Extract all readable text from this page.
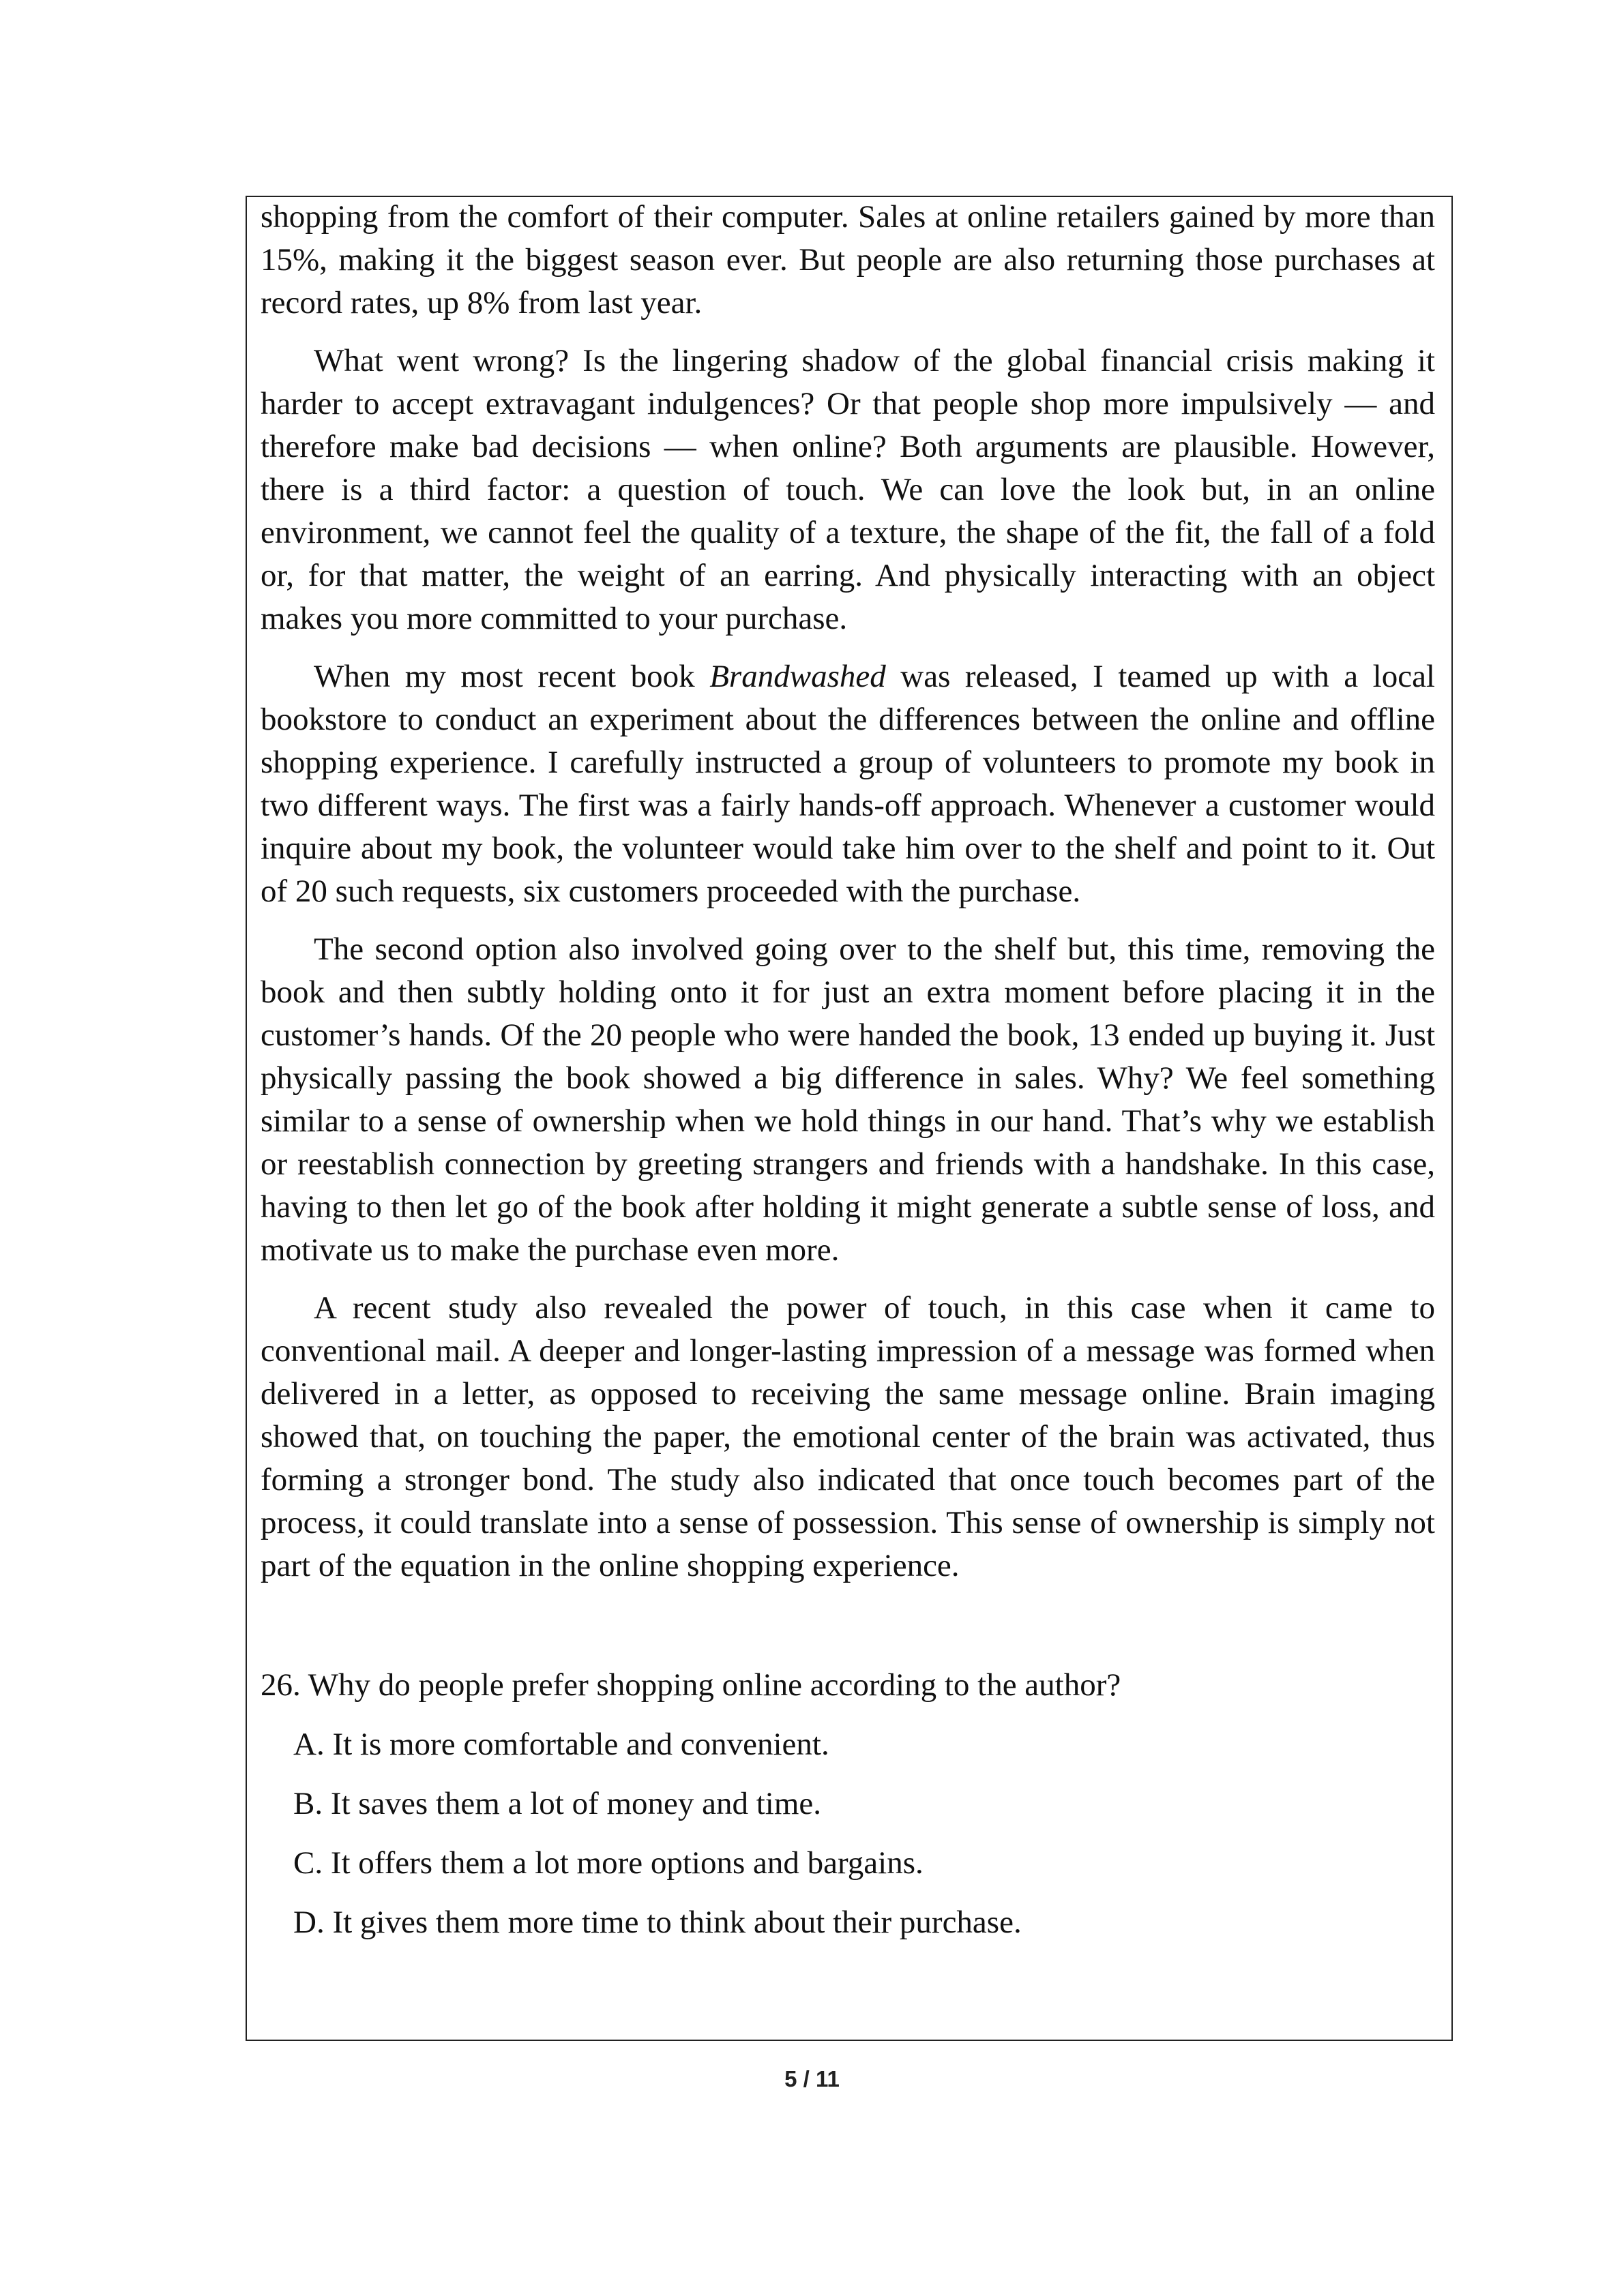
shopping from the comfort of their computer. Sales at online retailers gained by more than 15%, making it the biggest season ever. But people are also returning those purchases at record rates, up 8% from last year.

What went wrong? Is the lingering shadow of the global financial crisis making it harder to accept extravagant indulgences? Or that people shop more impulsively — and therefore make bad decisions — when online? Both arguments are plausible. However, there is a third factor: a question of touch. We can love the look but, in an online environment, we cannot feel the quality of a texture, the shape of the fit, the fall of a fold or, for that matter, the weight of an earring. And physically interacting with an object makes you more committed to your purchase.

When my most recent book Brandwashed was released, I teamed up with a local bookstore to conduct an experiment about the differences between the online and offline shopping experience. I carefully instructed a group of volunteers to promote my book in two different ways. The first was a fairly hands-off approach. Whenever a customer would inquire about my book, the volunteer would take him over to the shelf and point to it. Out of 20 such requests, six customers proceeded with the purchase.

The second option also involved going over to the shelf but, this time, removing the book and then subtly holding onto it for just an extra moment before placing it in the customer’s hands. Of the 20 people who were handed the book, 13 ended up buying it. Just physically passing the book showed a big difference in sales. Why? We feel something similar to a sense of ownership when we hold things in our hand. That’s why we establish or reestablish connection by greeting strangers and friends with a handshake. In this case, having to then let go of the book after holding it might generate a subtle sense of loss, and motivate us to make the purchase even more.

A recent study also revealed the power of touch, in this case when it came to conventional mail. A deeper and longer-lasting impression of a message was formed when delivered in a letter, as opposed to receiving the same message online. Brain imaging showed that, on touching the paper, the emotional center of the brain was activated, thus forming a stronger bond. The study also indicated that once touch becomes part of the process, it could translate into a sense of possession. This sense of ownership is simply not part of the equation in the online shopping experience.

26. Why do people prefer shopping online according to the author?

A. It is more comfortable and convenient.
B. It saves them a lot of money and time.
C. It offers them a lot more options and bargains.
D. It gives them more time to think about their purchase.
5 / 11
